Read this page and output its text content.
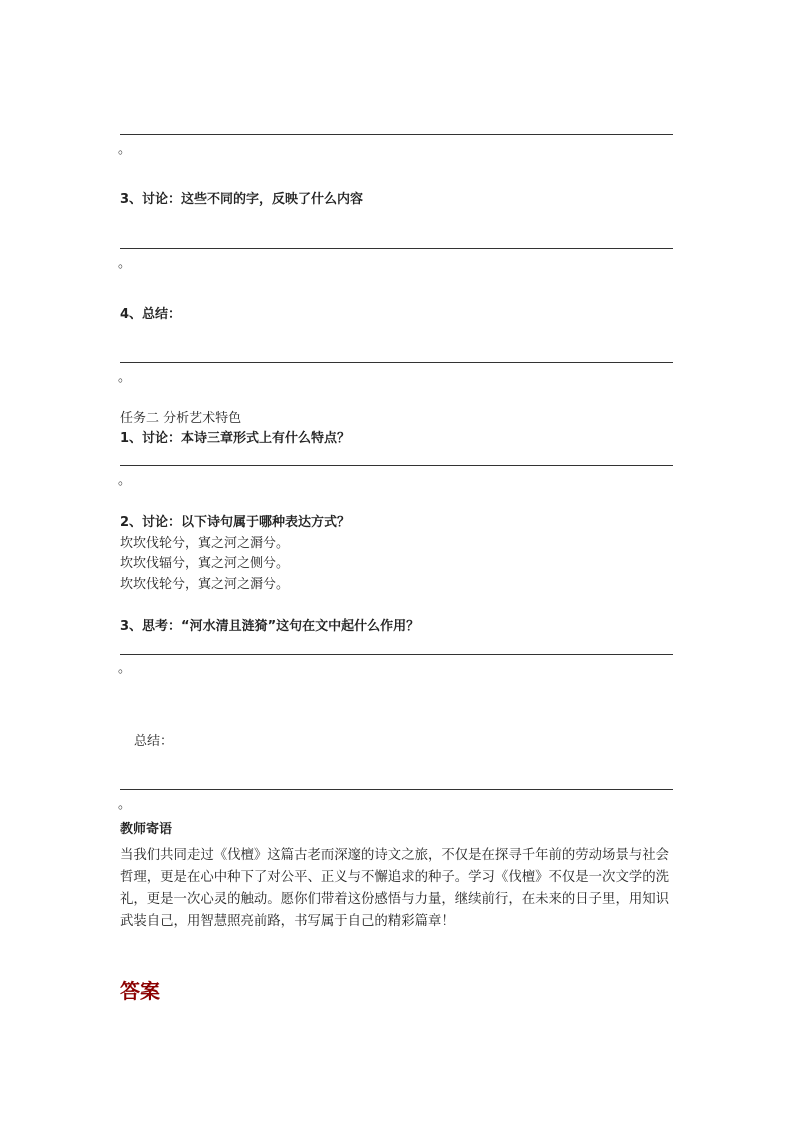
。
3、讨论：这些不同的字，反映了什么内容
。
4、总结：
。
任务二 分析艺术特色
1、讨论：本诗三章形式上有什么特点？
。
2、讨论：以下诗句属于哪种表达方式？
坎坎伐轮兮，寘之河之漘兮。
坎坎伐辐兮，寘之河之侧兮。
坎坎伐轮兮，寘之河之漘兮。
3、思考：“河水清且涟猗”这句在文中起什么作用？
。
总结：
。
教师寄语
当我们共同走过《伐檀》这篇古老而深邃的诗文之旅，不仅是在探寻千年前的劳动场景与社会哲理，更是在心中种下了对公平、正义与不懈追求的种子。学习《伐檀》不仅是一次文学的洗礼，更是一次心灵的触动。愿你们带着这份感悟与力量，继续前行，在未来的日子里，用知识武装自己，用智慧照亮前路，书写属于自己的精彩篇章！
答案
